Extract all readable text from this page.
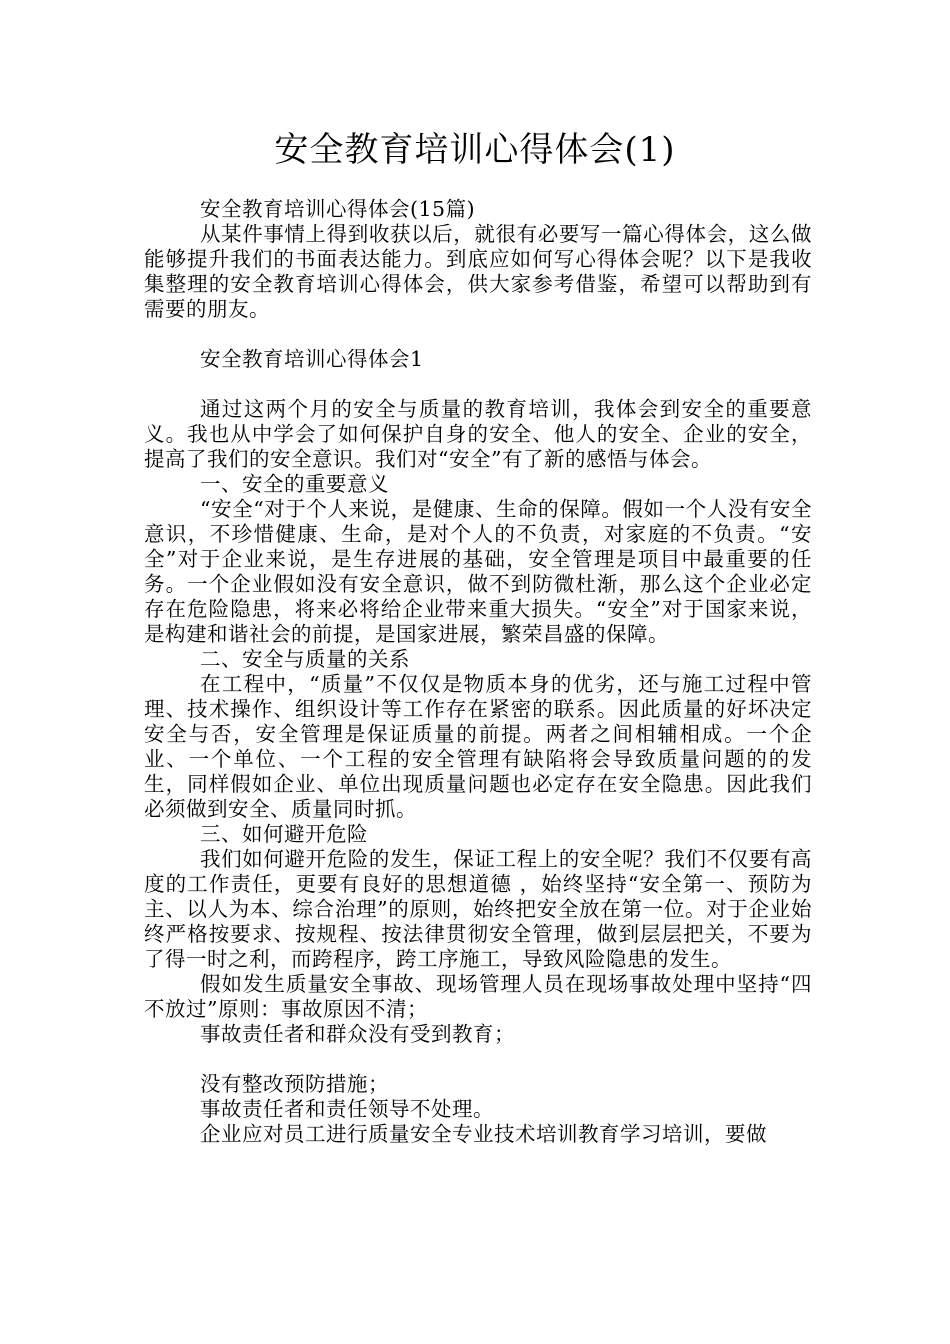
安全教育培训心得体会(1)

安全教育培训心得体会(15篇)

从某件事情上得到收获以后，就很有必要写一篇心得体会，这么做能够提升我们的书面表达能力。到底应如何写心得体会呢？以下是我收集整理的安全教育培训心得体会，供大家参考借鉴，希望可以帮助到有需要的朋友。

安全教育培训心得体会1

通过这两个月的安全与质量的教育培训，我体会到安全的重要意义。我也从中学会了如何保护自身的安全、他人的安全、企业的安全，提高了我们的安全意识。我们对“安全”有了新的感悟与体会。

一、安全的重要意义

“安全“对于个人来说，是健康、生命的保障。假如一个人没有安全意识，不珍惜健康、生命，是对个人的不负责，对家庭的不负责。“安全”对于企业来说，是生存进展的基础，安全管理是项目中最重要的任务。一个企业假如没有安全意识，做不到防微杜渐，那么这个企业必定存在危险隐患，将来必将给企业带来重大损失。“安全”对于国家来说，是构建和谐社会的前提，是国家进展，繁荣昌盛的保障。

二、安全与质量的关系

在工程中，“质量”不仅仅是物质本身的优劣，还与施工过程中管理、技术操作、组织设计等工作存在紧密的联系。因此质量的好坏决定安全与否，安全管理是保证质量的前提。两者之间相辅相成。一个企业、一个单位、一个工程的安全管理有缺陷将会导致质量问题的的发生，同样假如企业、单位出现质量问题也必定存在安全隐患。因此我们必须做到安全、质量同时抓。

三、如何避开危险

我们如何避开危险的发生，保证工程上的安全呢？我们不仅要有高度的工作责任，更要有良好的思想道德 ，始终坚持“安全第一、预防为主、以人为本、综合治理”的原则，始终把安全放在第一位。对于企业始终严格按要求、按规程、按法律贯彻安全管理，做到层层把关，不要为了得一时之利，而跨程序，跨工序施工，导致风险隐患的发生。

假如发生质量安全事故、现场管理人员在现场事故处理中坚持“四不放过”原则：事故原因不清；

事故责任者和群众没有受到教育；

没有整改预防措施；

事故责任者和责任领导不处理。

企业应对员工进行质量安全专业技术培训教育学习培训，要做
